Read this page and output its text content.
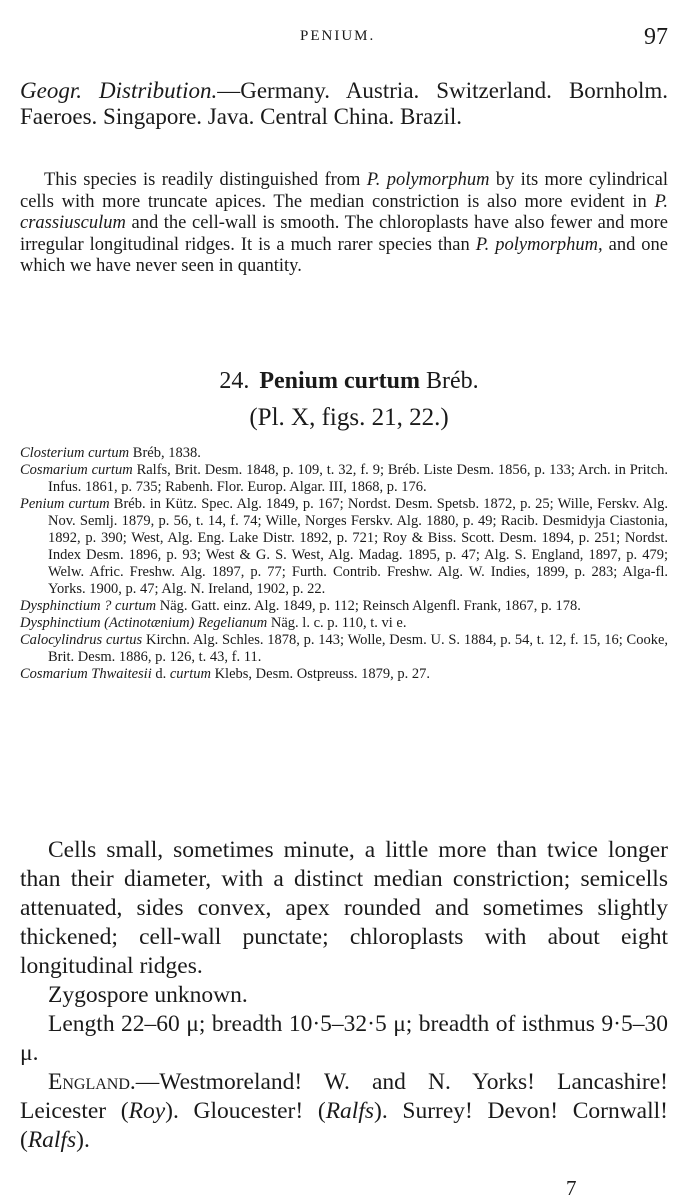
PENIUM.	97
Geogr. Distribution.—Germany. Austria. Switzerland. Bornholm. Faeroes. Singapore. Java. Central China. Brazil.
This species is readily distinguished from P. polymorphum by its more cylindrical cells with more truncate apices. The median constriction is also more evident in P. crassiusculum and the cell-wall is smooth. The chloroplasts have also fewer and more irregular longitudinal ridges. It is a much rarer species than P. polymorphum, and one which we have never seen in quantity.
24. Penium curtum Bréb.
(Pl. X, figs. 21, 22.)

Closterium curtum Bréb, 1838.

Cosmarium curtum Ralfs, Brit. Desm. 1848, p. 109, t. 32, f. 9; Bréb. Liste Desm. 1856, p. 133; Arch. in Pritch. Infus. 1861, p. 735; Rabenh. Flor. Europ. Algar. III, 1868, p. 176.

Penium curtum Bréb. in Kütz. Spec. Alg. 1849, p. 167; Nordst. Desm. Spetsb. 1872, p. 25; Wille, Ferskv. Alg. Nov. Semlj. 1879, p. 56, t. 14, f. 74; Wille, Norges Ferskv. Alg. 1880, p. 49; Racib. Desmidyja Ciastonia, 1892, p. 390; West, Alg. Eng. Lake Distr. 1892, p. 721; Roy & Biss. Scott. Desm. 1894, p. 251; Nordst. Index Desm. 1896, p. 93; West & G. S. West, Alg. Madag. 1895, p. 47; Alg. S. England, 1897, p. 479; Welw. Afric. Freshw. Alg. 1897, p. 77; Furth. Contrib. Freshw. Alg. W. Indies, 1899, p. 283; Alga-fl. Yorks. 1900, p. 47; Alg. N. Ireland, 1902, p. 22.

Dysphinctium ? curtum Näg. Gatt. einz. Alg. 1849, p. 112; Reinsch Algenfl. Frank, 1867, p. 178.

Dysphinctium (Actinotænium) Regelianum Näg. l. c. p. 110, t. vi e.

Calocylindrus curtus Kirchn. Alg. Schles. 1878, p. 143; Wolle, Desm. U. S. 1884, p. 54, t. 12, f. 15, 16; Cooke, Brit. Desm. 1886, p. 126, t. 43, f. 11.

Cosmarium Thwaitesii d. curtum Klebs, Desm. Ostpreuss. 1879, p. 27.

Cells small, sometimes minute, a little more than twice longer than their diameter, with a distinct median constriction; semicells attenuated, sides convex, apex rounded and sometimes slightly thickened; cell-wall punctate; chloroplasts with about eight longitudinal ridges.

Zygospore unknown.

Length 22–60 μ; breadth 10·5–32·5 μ; breadth of isthmus 9·5–30 μ.

England.—Westmoreland! W. and N. Yorks! Lancashire! Leicester (Roy). Gloucester! (Ralfs). Surrey! Devon! Cornwall! (Ralfs).

7
